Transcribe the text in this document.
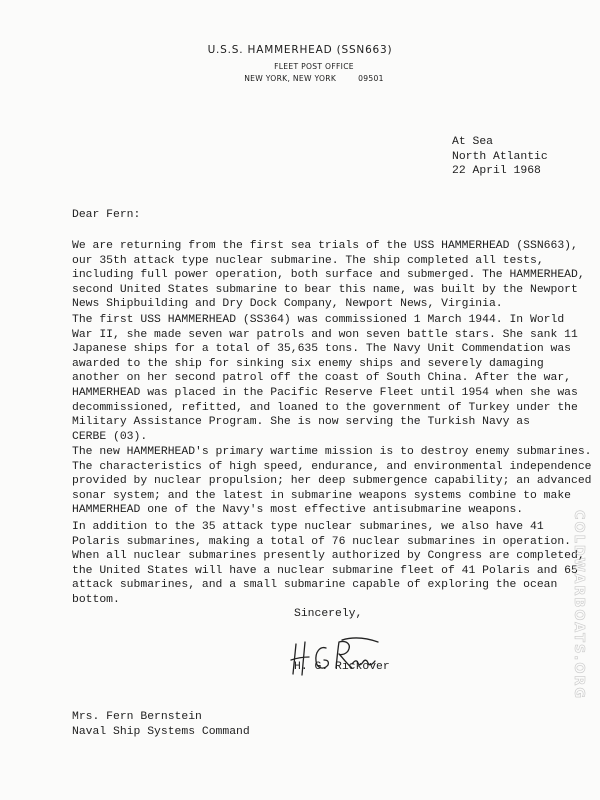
U.S.S. HAMMERHEAD (SSN663)
FLEET POST OFFICE
NEW YORK, NEW YORK	09501
At Sea
North Atlantic
22 April 1968
Dear Fern:
We are returning from the first sea trials of the USS HAMMERHEAD (SSN663),
our 35th attack type nuclear submarine. The ship completed all tests,
including full power operation, both surface and submerged. The HAMMERHEAD,
second United States submarine to bear this name, was built by the Newport
News Shipbuilding and Dry Dock Company, Newport News, Virginia.
The first USS HAMMERHEAD (SS364) was commissioned 1 March 1944. In World
War II, she made seven war patrols and won seven battle stars. She sank 11
Japanese ships for a total of 35,635 tons. The Navy Unit Commendation was
awarded to the ship for sinking six enemy ships and severely damaging
another on her second patrol off the coast of South China. After the war,
HAMMERHEAD was placed in the Pacific Reserve Fleet until 1954 when she was
decommissioned, refitted, and loaned to the government of Turkey under the
Military Assistance Program. She is now serving the Turkish Navy as
CERBE (03).
The new HAMMERHEAD's primary wartime mission is to destroy enemy submarines.
The characteristics of high speed, endurance, and environmental independence
provided by nuclear propulsion; her deep submergence capability; an advanced
sonar system; and the latest in submarine weapons systems combine to make
HAMMERHEAD one of the Navy's most effective antisubmarine weapons.
In addition to the 35 attack type nuclear submarines, we also have 41
Polaris submarines, making a total of 76 nuclear submarines in operation.
When all nuclear submarines presently authorized by Congress are completed,
the United States will have a nuclear submarine fleet of 41 Polaris and 65
attack submarines, and a small submarine capable of exploring the ocean
bottom.
Sincerely,
H. G. Rickover
Mrs. Fern Bernstein
Naval Ship Systems Command
COLDWARBOATS.ORG
